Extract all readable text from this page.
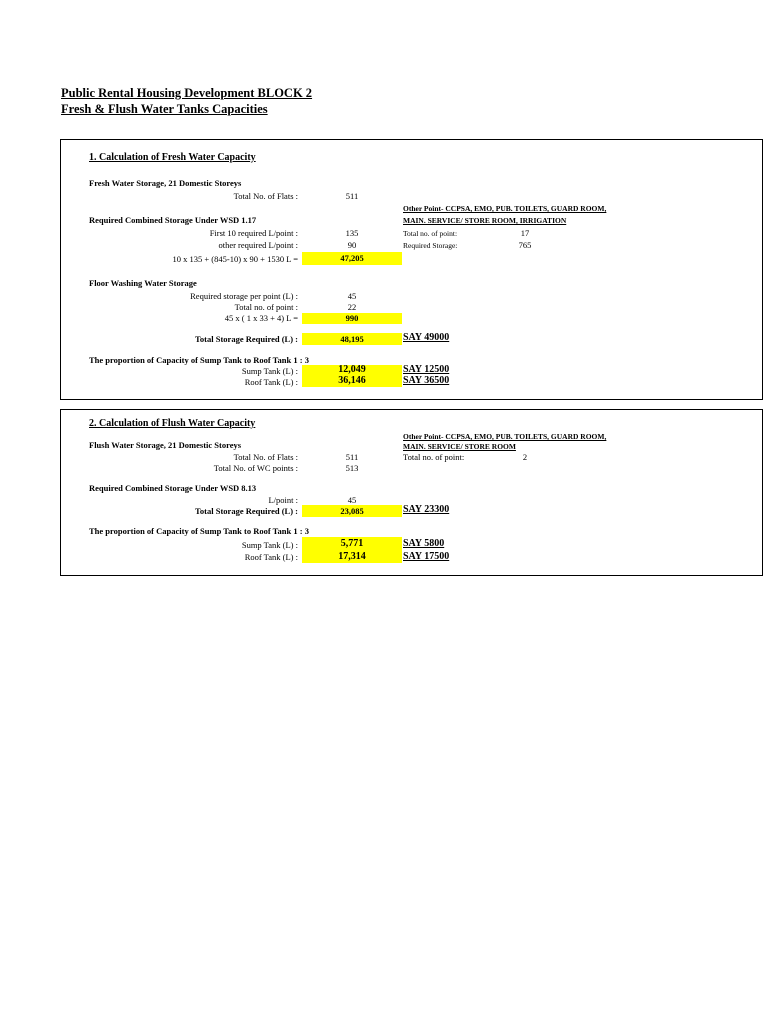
Public Rental Housing Development BLOCK 2
Fresh & Flush Water Tanks Capacities
1. Calculation of Fresh Water Capacity
Fresh Water Storage, 21 Domestic Storeys
Total No. of Flats :	511
Other Point- CCPSA, EMO, PUB. TOILETS, GUARD ROOM,
MAIN. SERVICE/ STORE ROOM, IRRIGATION
Required Combined Storage Under WSD 1.17
First 10 required L/point :	135	Total no. of point:	17
other required L/point :	90	Required Storage:	765
10 x 135 + (845-10) x 90 + 1530 L =	47,205
Floor Washing Water Storage
Required storage per point (L) :	45
Total no. of point :	22
45 x ( 1 x 33 + 4) L =	990
Total Storage Required (L) :	48,195	SAY 49000
The proportion of Capacity of Sump Tank to Roof Tank 1 : 3
Sump Tank (L) :	12,049	SAY 12500
Roof Tank (L) :	36,146	SAY 36500
2. Calculation of Flush Water Capacity
Other Point- CCPSA, EMO, PUB. TOILETS, GUARD ROOM,
Flush Water Storage, 21 Domestic Storeys	MAIN. SERVICE/ STORE ROOM
Total No. of Flats :	511	Total no. of point:	2
Total No. of WC points :	513
Required Combined Storage Under WSD 8.13
L/point :	45
Total Storage Required (L) :	23,085	SAY 23300
The proportion of Capacity of Sump Tank to Roof Tank 1 : 3
Sump Tank (L) :	5,771	SAY 5800
Roof Tank (L) :	17,314	SAY 17500
